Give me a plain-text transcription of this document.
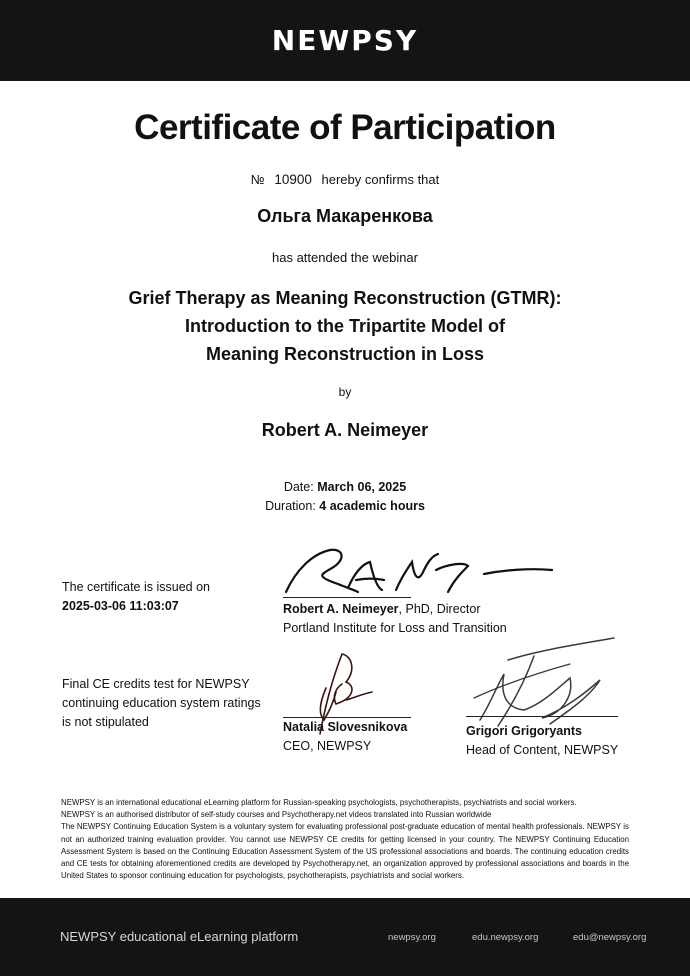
NEWPSY
Certificate of Participation
№ 10900 hereby confirms that
Ольга Макаренкова
has attended the webinar
Grief Therapy as Meaning Reconstruction (GTMR):
Introduction to the Tripartite Model of
Meaning Reconstruction in Loss
by
Robert A. Neimeyer
Date: March 06, 2025
Duration: 4 academic hours
The certificate is issued on
2025-03-06 11:03:07
Final CE credits test for NEWPSY continuing education system ratings is not stipulated
Robert A. Neimeyer, PhD, Director
Portland Institute for Loss and Transition
Natalia Slovesnikova
CEO, NEWPSY
Grigori Grigoryants
Head of Content, NEWPSY
NEWPSY is an international educational eLearning platform for Russian-speaking psychologists, psychotherapists, psychiatrists and social workers.
NEWPSY is an authorised distributor of self-study courses and Psychotherapy.net videos translated into Russian worldwide
The NEWPSY Continuing Education System is a voluntary system for evaluating professional post-graduate education of mental health professionals. NEWPSY is not an authorized training evaluation provider. You cannot use NEWPSY CE credits for getting licensed in your country. The NEWPSY Continuing Education Assessment System is based on the Continuing Education Assessment System of the US professional associations and boards. The continuing education credits and CE tests for obtaining aforementioned credits are developed by Psychotherapy.net, an organization approved by professional associations and boards in the United States to sponsor continuing education for psychologists, psychotherapists, psychiatrists and social workers.
NEWPSY educational eLearning platform	newpsy.org	edu.newpsy.org	edu@newpsy.org
